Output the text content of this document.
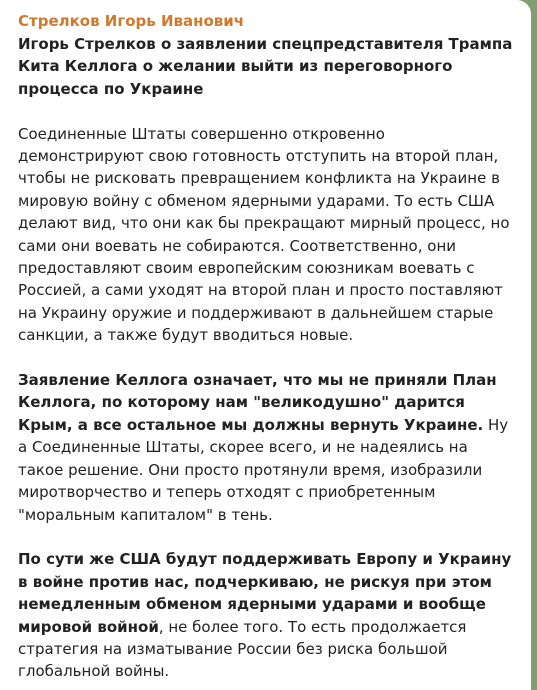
Стрелков Игорь Иванович

Игорь Стрелков о заявлении спецпредставителя Трампа Кита Келлога о желании выйти из переговорного процесса по Украине

Соединенные Штаты совершенно откровенно демонстрируют свою готовность отступить на второй план, чтобы не рисковать превращением конфликта на Украине в мировую войну с обменом ядерными ударами. То есть США делают вид, что они как бы прекращают мирный процесс, но сами они воевать не собираются. Соответственно, они предоставляют своим европейским союзникам воевать с Россией, а сами уходят на второй план и просто поставляют на Украину оружие и поддерживают в дальнейшем старые санкции, а также будут вводиться новые.

Заявление Келлога означает, что мы не приняли План Келлога, по которому нам "великодушно" дарится Крым, а все остальное мы должны вернуть Украине. Ну а Соединенные Штаты, скорее всего, и не надеялись на такое решение. Они просто протянули время, изобразили миротворчество и теперь отходят с приобретенным "моральным капиталом" в тень.

По сути же США будут поддерживать Европу и Украину в войне против нас, подчеркиваю, не рискуя при этом немедленным обменом ядерными ударами и вообще мировой войной, не более того. То есть продолжается стратегия на изматывание России без риска большой глобальной войны.
